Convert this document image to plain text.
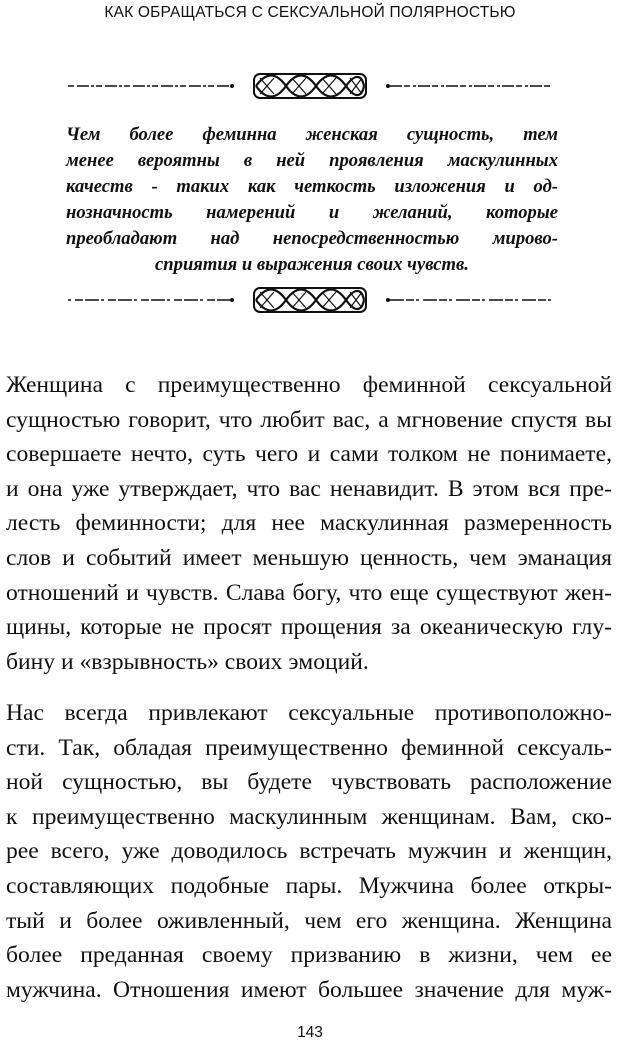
КАК ОБРАЩАТЬСЯ С СЕКСУАЛЬНОЙ ПОЛЯРНОСТЬЮ
Чем более феминна женская сущность, тем
менее вероятны в ней проявления маскулинных
качеств - таких как четкость изложения и од-
нозначность намерений и желаний, которые
преобладают над непосредственностью мирово-
сприятия и выражения своих чувств.
Женщина с преимущественно феминной сексуальной
сущностью говорит, что любит вас, а мгновение спустя вы
совершаете нечто, суть чего и сами толком не понимаете,
и она уже утверждает, что вас ненавидит. В этом вся пре-
лесть феминности; для нее маскулинная размеренность
слов и событий имеет меньшую ценность, чем эманация
отношений и чувств. Слава богу, что еще существуют жен-
щины, которые не просят прощения за океаническую глу-
бину и «взрывность» своих эмоций.
Нас всегда привлекают сексуальные противоположно-
сти. Так, обладая преимущественно феминной сексуаль-
ной сущностью, вы будете чувствовать расположение
к преимущественно маскулинным женщинам. Вам, ско-
рее всего, уже доводилось встречать мужчин и женщин,
составляющих подобные пары. Мужчина более откры-
тый и более оживленный, чем его женщина. Женщина
более преданная своему призванию в жизни, чем ее
мужчина. Отношения имеют большее значение для муж-
143
